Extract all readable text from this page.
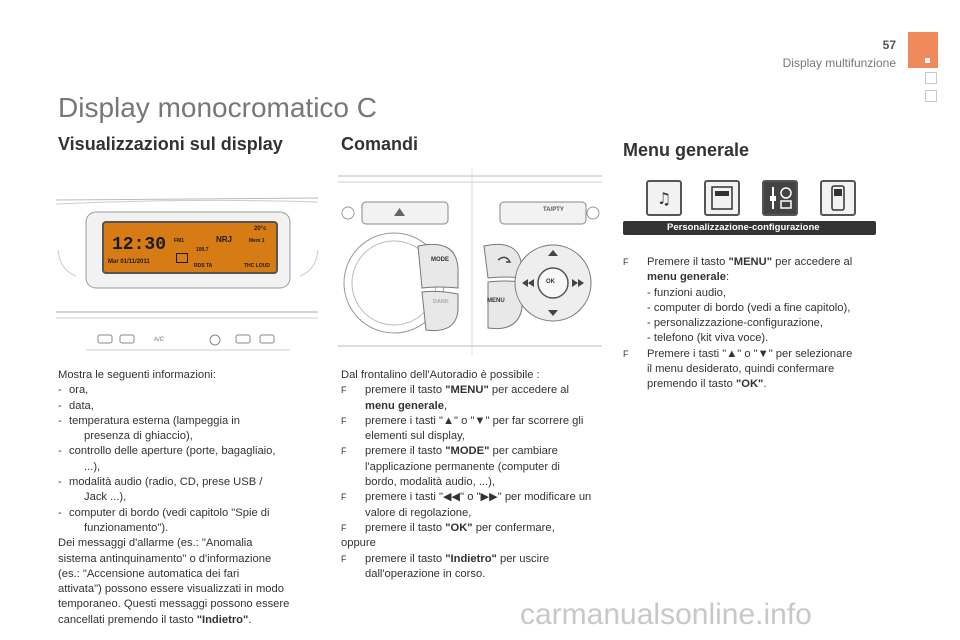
57
Display multifunzione
Display monocromatico C
Visualizzazioni sul display
12:30
Mar 01/11/2011
FM1	NRJ	Mem 1
100.7
20°c
RDS TA	THC LOUD
A/C

Mostra le seguenti informazioni:

- ora,
- data,
- temperatura esterna (lampeggia in

presenza di ghiaccio),

- controllo delle aperture (porte, bagagliaio,

...),

- modalità audio (radio, CD, prese USB /

Jack ...),

- computer di bordo (vedi capitolo "Spie di

funzionamento").

Dei messaggi d'allarme (es.: "Anomalia

sistema antinquinamento" o d'informazione

(es.: "Accensione automatica dei fari

attivata") possono essere visualizzati in modo

temporaneo. Questi messaggi possono essere

cancellati premendo il tasto "Indietro".

Comandi
MODE
DARK	MENU
OK
TA/PTY

Dal frontalino dell'Autoradio è possibile :

F	premere il tasto "MENU" per accedere al

menu generale,

F	premere i tasti "▲" o "▼" per far scorrere gli

elementi sul display,

F	premere il tasto "MODE" per cambiare

l'applicazione permanente (computer di

bordo, modalità audio, ...),

F	premere i tasti "◀◀" o "▶▶" per modificare un

valore di regolazione,

F	premere il tasto "OK" per confermare,

oppure

F	premere il tasto "Indietro" per uscire

dall'operazione in corso.

Menu generale
♫
Personalizzazione-configurazione
F	Premere il tasto "MENU" per accedere al

menu generale:

- funzioni audio,

- computer di bordo (vedi a fine capitolo),

- personalizzazione-configurazione,

- telefono (kit viva voce).

F	Premere i tasti "▲" o "▼" per selezionare

il menu desiderato, quindi confermare

premendo il tasto "OK".

carmanualsonline.info
